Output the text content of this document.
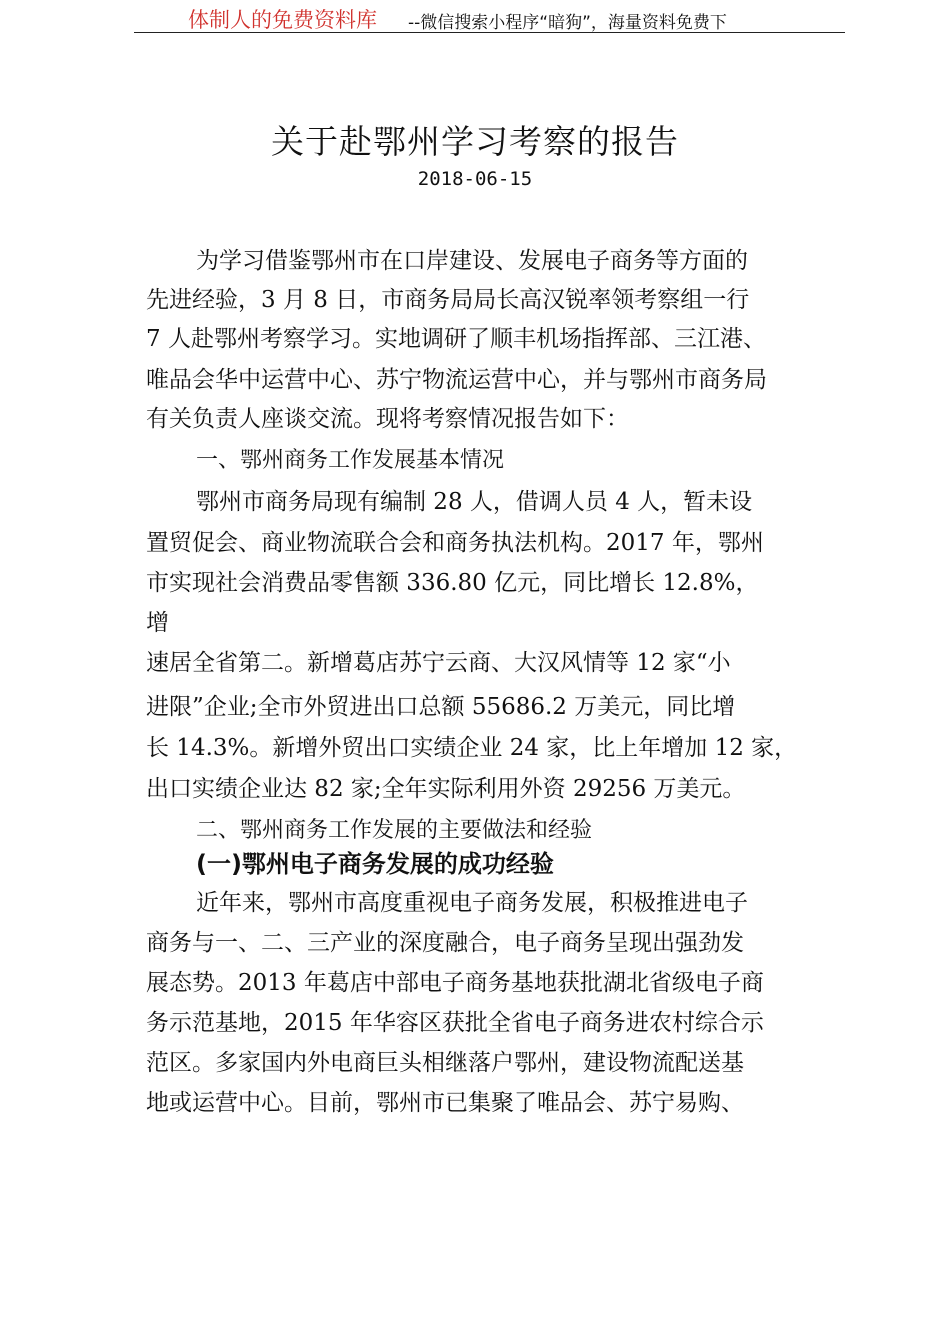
体制人的免费资料库 --微信搜索小程序“暗狗”，海量资料免费下
关于赴鄂州学习考察的报告
2018-06-15
为学习借鉴鄂州市在口岸建设、发展电子商务等方面的
先进经验，3 月 8 日，市商务局局长高汉锐率领考察组一行
7 人赴鄂州考察学习。实地调研了顺丰机场指挥部、三江港、
唯品会华中运营中心、苏宁物流运营中心，并与鄂州市商务局
有关负责人座谈交流。现将考察情况报告如下：
一、鄂州商务工作发展基本情况
鄂州市商务局现有编制 28 人，借调人员 4 人，暂未设
置贸促会、商业物流联合会和商务执法机构。2017 年，鄂州
市实现社会消费品零售额 336.80 亿元，同比增长 12.8%，
增
速居全省第二。新增葛店苏宁云商、大汉风情等 12 家“小
进限”企业;全市外贸进出口总额 55686.2 万美元，同比增
长 14.3%。新增外贸出口实绩企业 24 家，比上年增加 12 家，
出口实绩企业达 82 家;全年实际利用外资 29256 万美元。
二、鄂州商务工作发展的主要做法和经验
(一)鄂州电子商务发展的成功经验
近年来，鄂州市高度重视电子商务发展，积极推进电子
商务与一、二、三产业的深度融合，电子商务呈现出强劲发
展态势。2013 年葛店中部电子商务基地获批湖北省级电子商
务示范基地，2015 年华容区获批全省电子商务进农村综合示
范区。多家国内外电商巨头相继落户鄂州，建设物流配送基
地或运营中心。目前，鄂州市已集聚了唯品会、苏宁易购、
